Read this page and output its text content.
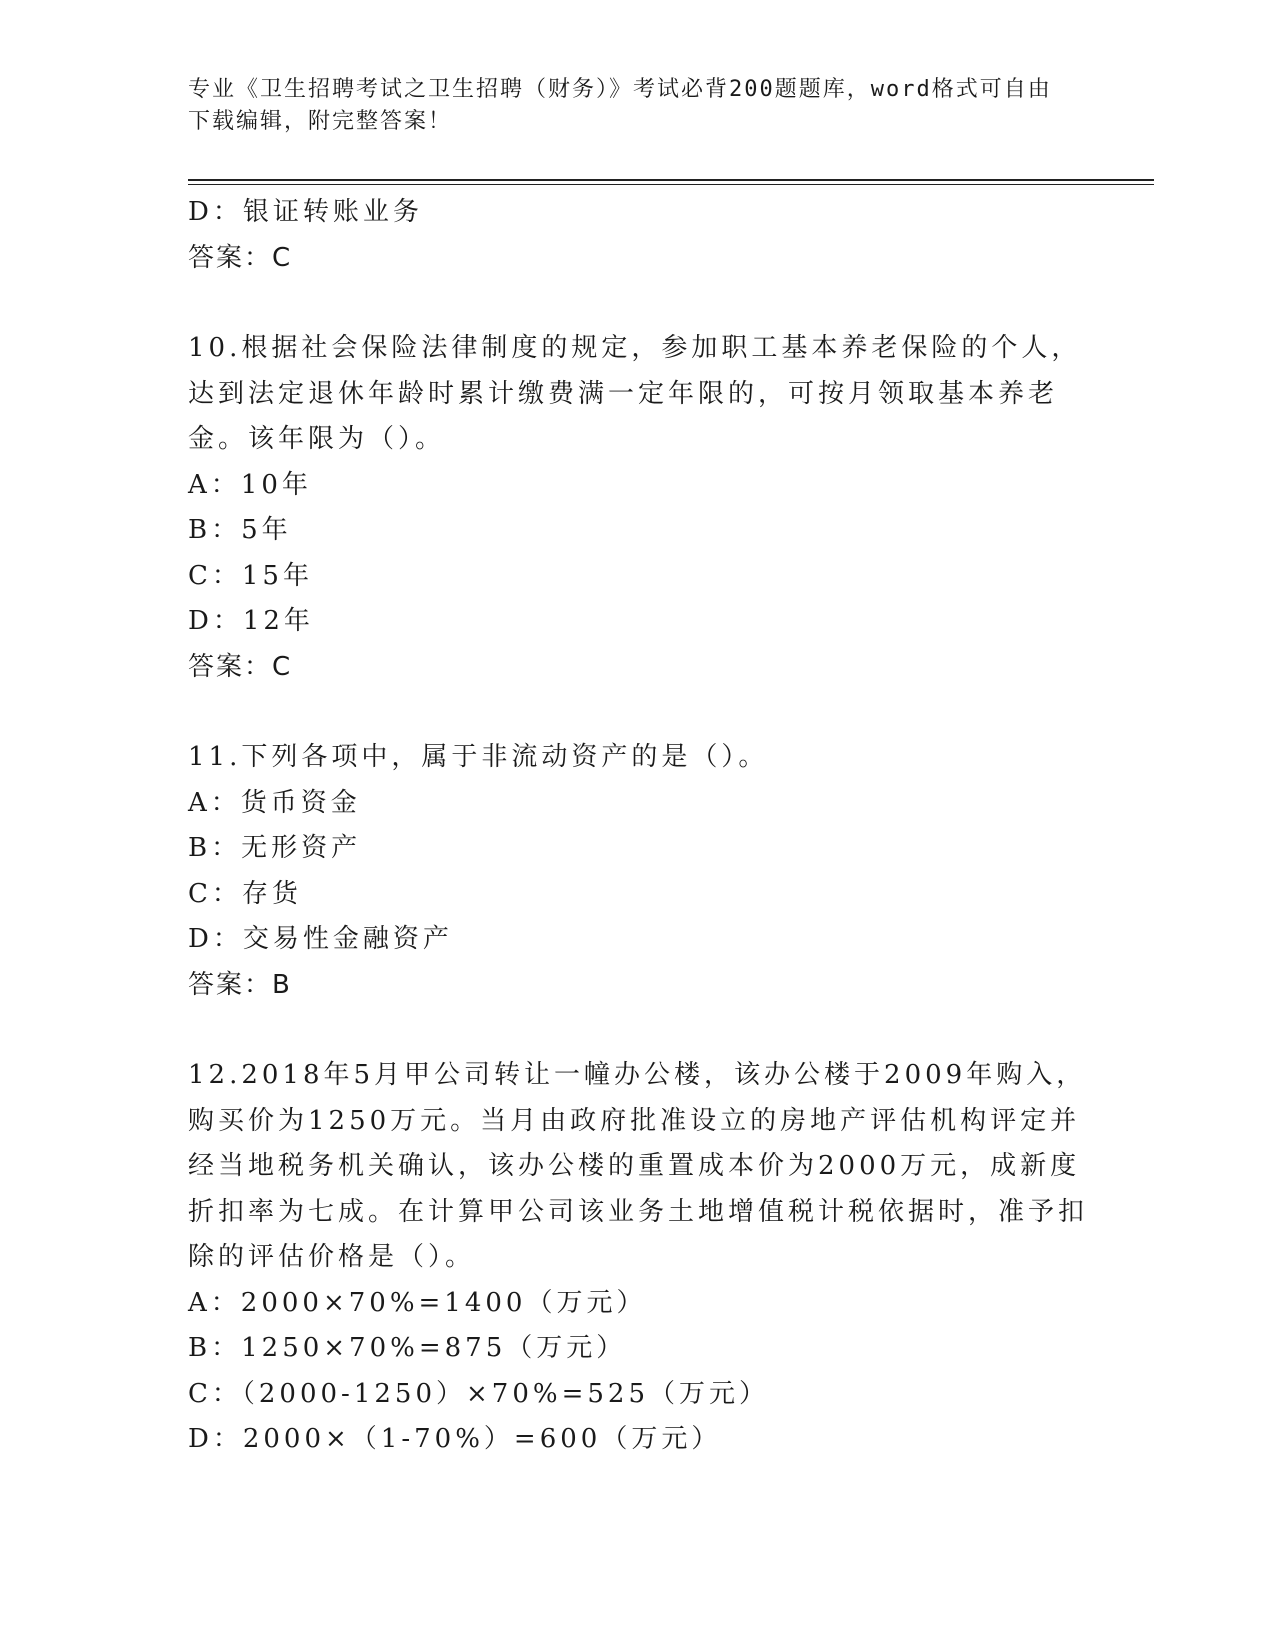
专业《卫生招聘考试之卫生招聘（财务）》考试必背200题题库，word格式可自由下载编辑，附完整答案！
D：银证转账业务
答案：C
10.根据社会保险法律制度的规定，参加职工基本养老保险的个人，达到法定退休年龄时累计缴费满一定年限的，可按月领取基本养老金。该年限为（）。
A：10年
B：5年
C：15年
D：12年
答案：C
11.下列各项中，属于非流动资产的是（）。
A：货币资金
B：无形资产
C：存货
D：交易性金融资产
答案：B
12.2018年5月甲公司转让一幢办公楼，该办公楼于2009年购入，购买价为1250万元。当月由政府批准设立的房地产评估机构评定并经当地税务机关确认，该办公楼的重置成本价为2000万元，成新度折扣率为七成。在计算甲公司该业务土地增值税计税依据时，准予扣除的评估价格是（）。
A：2000×70%=1400（万元）
B：1250×70%=875（万元）
C：（2000-1250）×70%=525（万元）
D：2000×（1-70%）=600（万元）
